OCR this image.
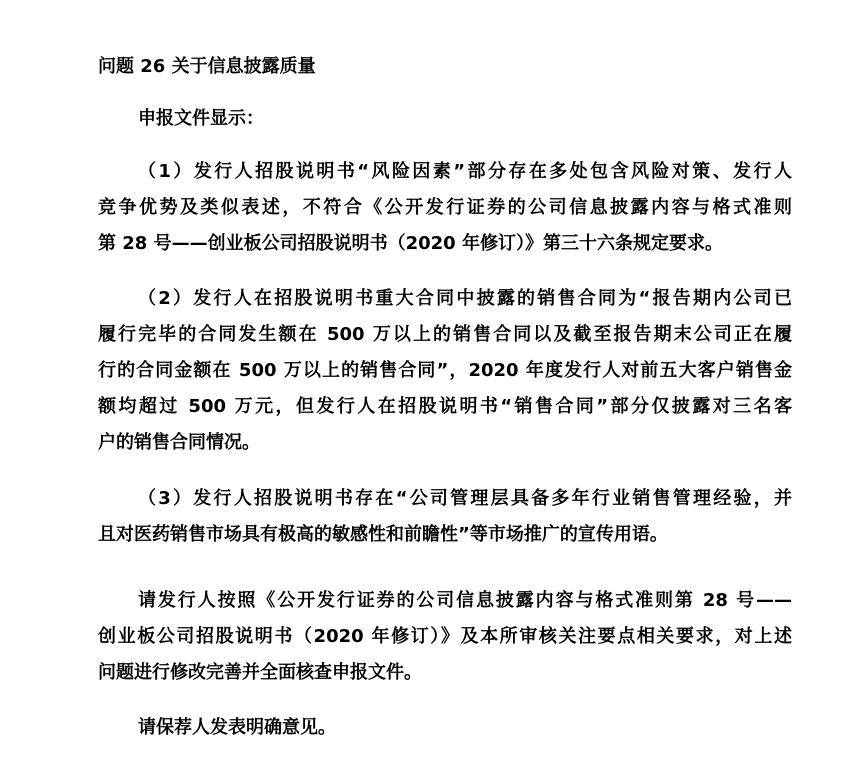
问题 26 关于信息披露质量

申报文件显示：

（1）发行人招股说明书“风险因素”部分存在多处包含风险对策、发行人
竞争优势及类似表述，不符合《公开发行证券的公司信息披露内容与格式准则
第 28 号——创业板公司招股说明书（2020 年修订）》第三十六条规定要求。
（2）发行人在招股说明书重大合同中披露的销售合同为“报告期内公司已
履行完毕的合同发生额在 500 万以上的销售合同以及截至报告期末公司正在履
行的合同金额在 500 万以上的销售合同”，2020 年度发行人对前五大客户销售金
额均超过 500 万元，但发行人在招股说明书“销售合同”部分仅披露对三名客
户的销售合同情况。
（3）发行人招股说明书存在“公司管理层具备多年行业销售管理经验，并
且对医药销售市场具有极高的敏感性和前瞻性”等市场推广的宣传用语。
请发行人按照《公开发行证券的公司信息披露内容与格式准则第 28 号——
创业板公司招股说明书（2020 年修订）》及本所审核关注要点相关要求，对上述
问题进行修改完善并全面核查申报文件。

请保荐人发表明确意见。
